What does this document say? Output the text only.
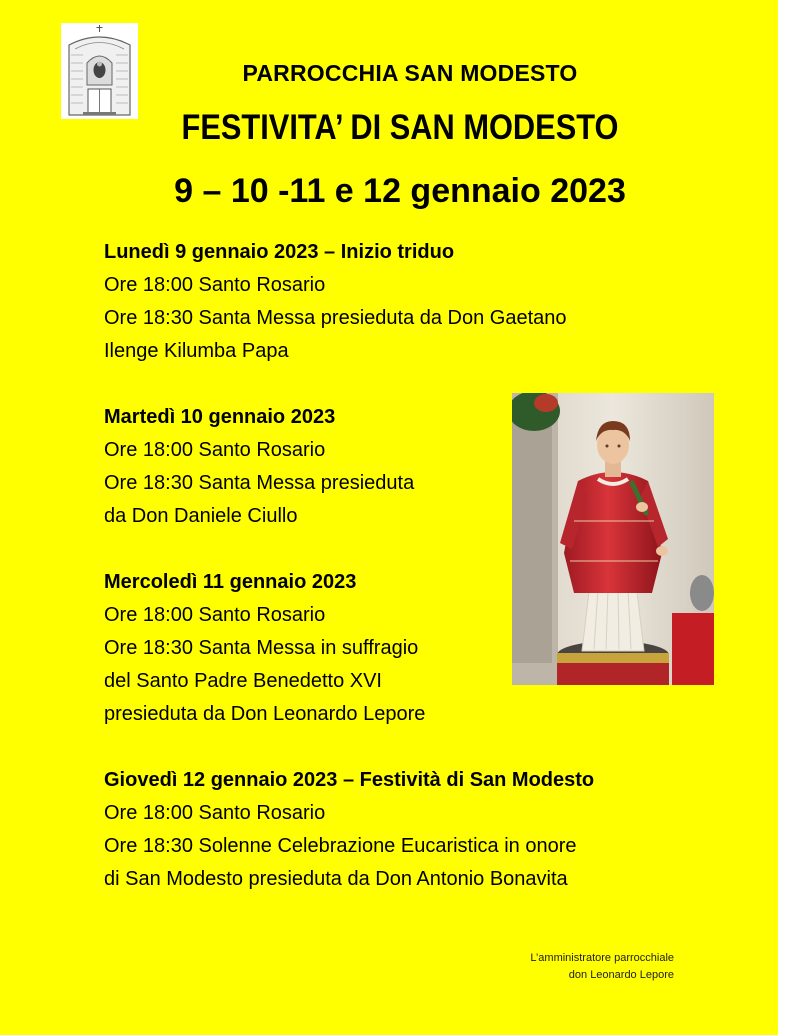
PARROCCHIA SAN MODESTO
FESTIVITA’ DI SAN MODESTO
9 – 10 -11 e 12 gennaio 2023
Lunedì 9 gennaio 2023 – Inizio triduo
Ore 18:00 Santo Rosario
Ore 18:30 Santa Messa presieduta da Don Gaetano
Ilenge Kilumba Papa
Martedì 10 gennaio 2023
Ore 18:00 Santo Rosario
Ore 18:30 Santa Messa presieduta
da Don Daniele Ciullo
Mercoledì 11 gennaio 2023
Ore 18:00 Santo Rosario
Ore 18:30 Santa Messa in suffragio
del Santo Padre Benedetto XVI
presieduta da Don Leonardo Lepore
Giovedì 12 gennaio 2023 – Festività di San Modesto
Ore 18:00 Santo Rosario
Ore 18:30 Solenne Celebrazione Eucaristica in onore
di San Modesto presieduta da Don Antonio Bonavita
L’amministratore parrocchiale
don Leonardo Lepore
